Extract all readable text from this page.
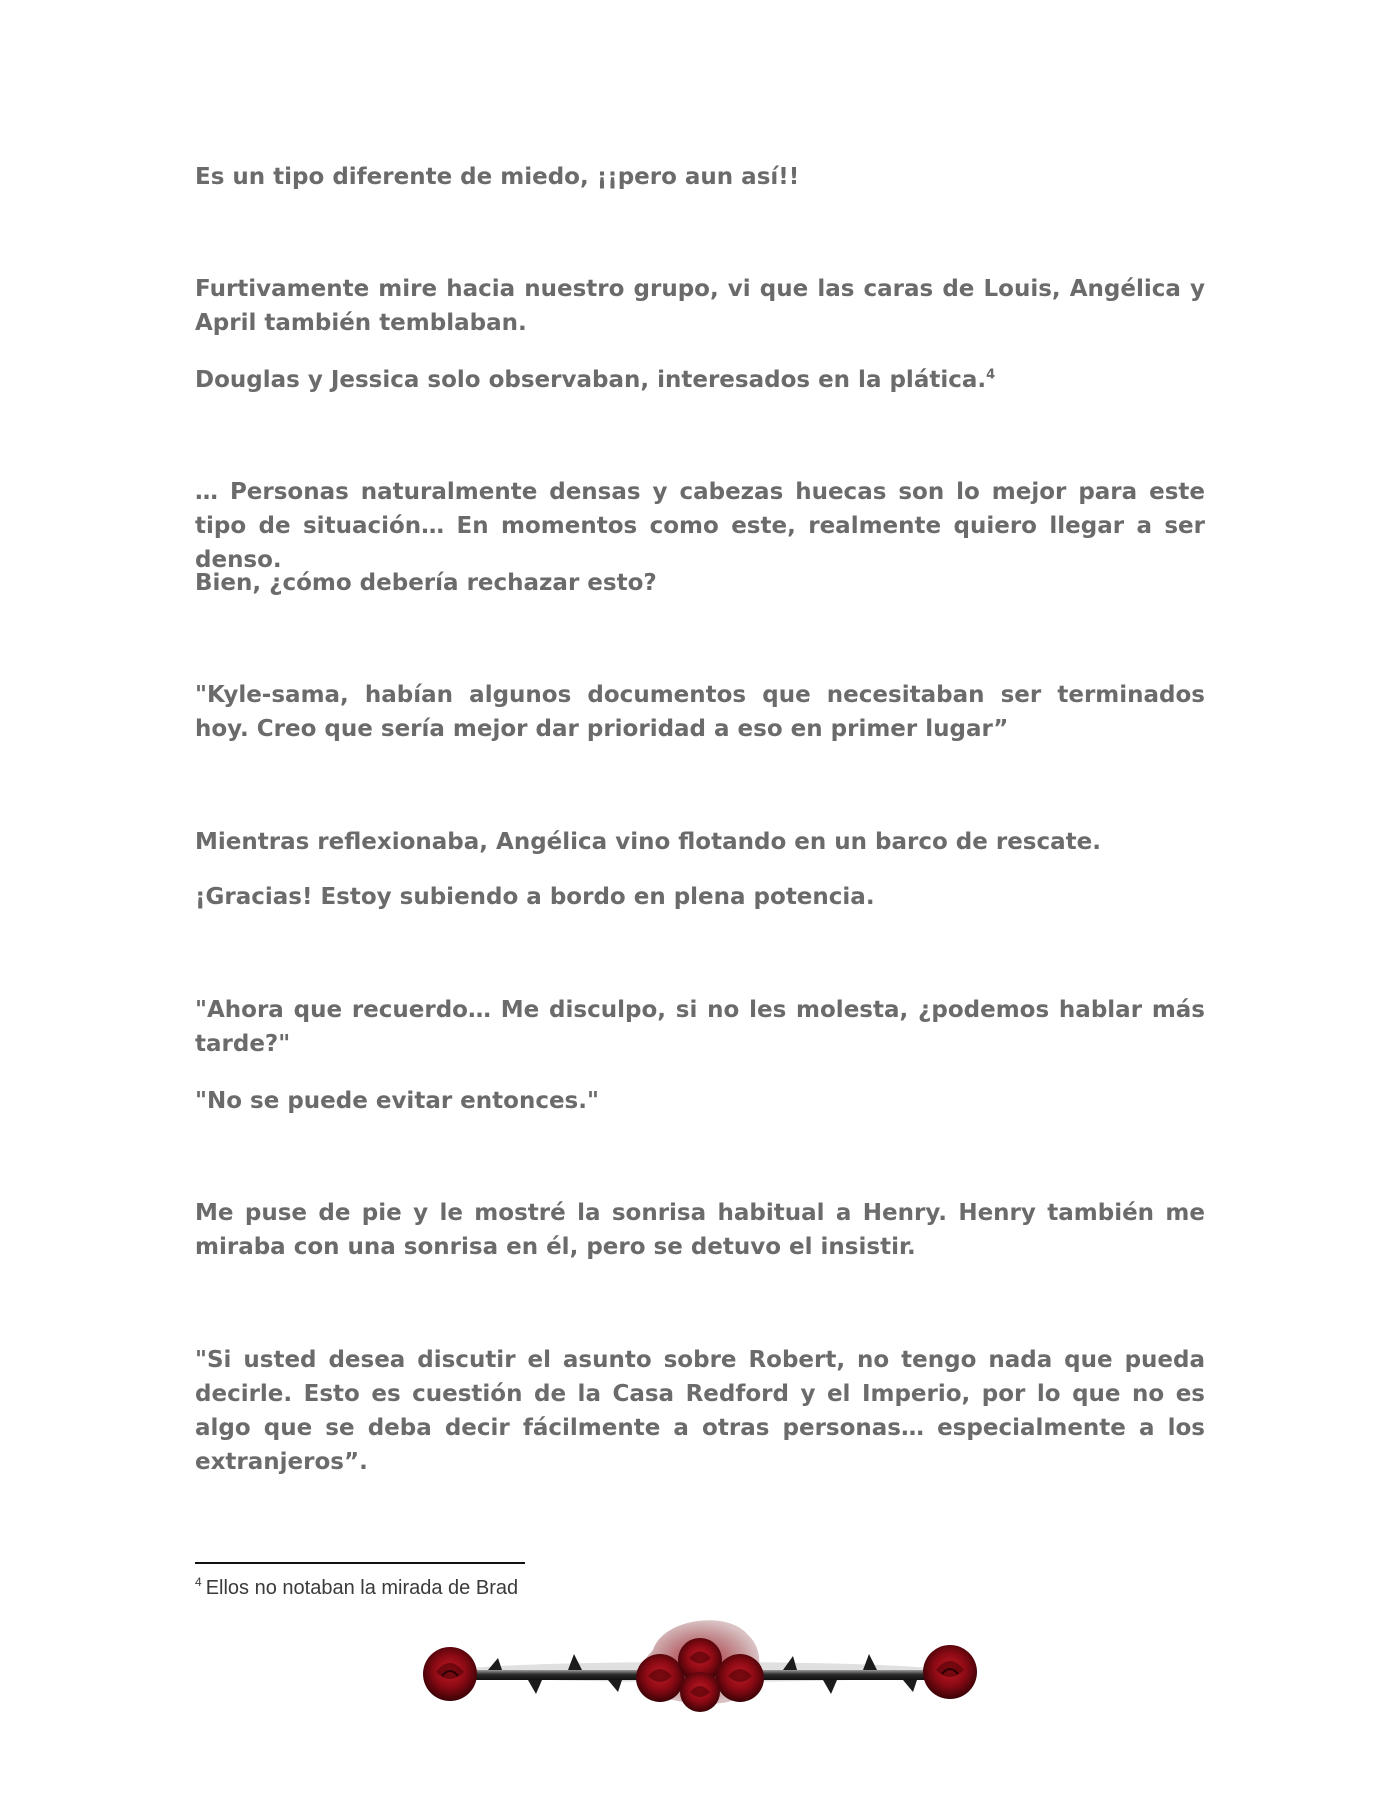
Es un tipo diferente de miedo, ¡¡pero aun así!!

Furtivamente mire hacia nuestro grupo, vi que las caras de Louis, Angélica y April también temblaban.

Douglas y Jessica solo observaban, interesados en la plática.$^4$

… Personas naturalmente densas y cabezas huecas son lo mejor para este tipo de situación… En momentos como este, realmente quiero llegar a ser denso.

Bien, ¿cómo debería rechazar esto?

"Kyle-sama, habían algunos documentos que necesitaban ser terminados hoy. Creo que sería mejor dar prioridad a eso en primer lugar”

Mientras reflexionaba, Angélica vino flotando en un barco de rescate.

¡Gracias! Estoy subiendo a bordo en plena potencia.

"Ahora que recuerdo… Me disculpo, si no les molesta, ¿podemos hablar más tarde?"

"No se puede evitar entonces."

Me puse de pie y le mostré la sonrisa habitual a Henry. Henry también me miraba con una sonrisa en él, pero se detuvo el insistir.

"Si usted desea discutir el asunto sobre Robert, no tengo nada que pueda decirle. Esto es cuestión de la Casa Redford y el Imperio, por lo que no es algo que se deba decir fácilmente a otras personas… especialmente a los extranjeros”.

$^4$ Ellos no notaban la mirada de Brad
